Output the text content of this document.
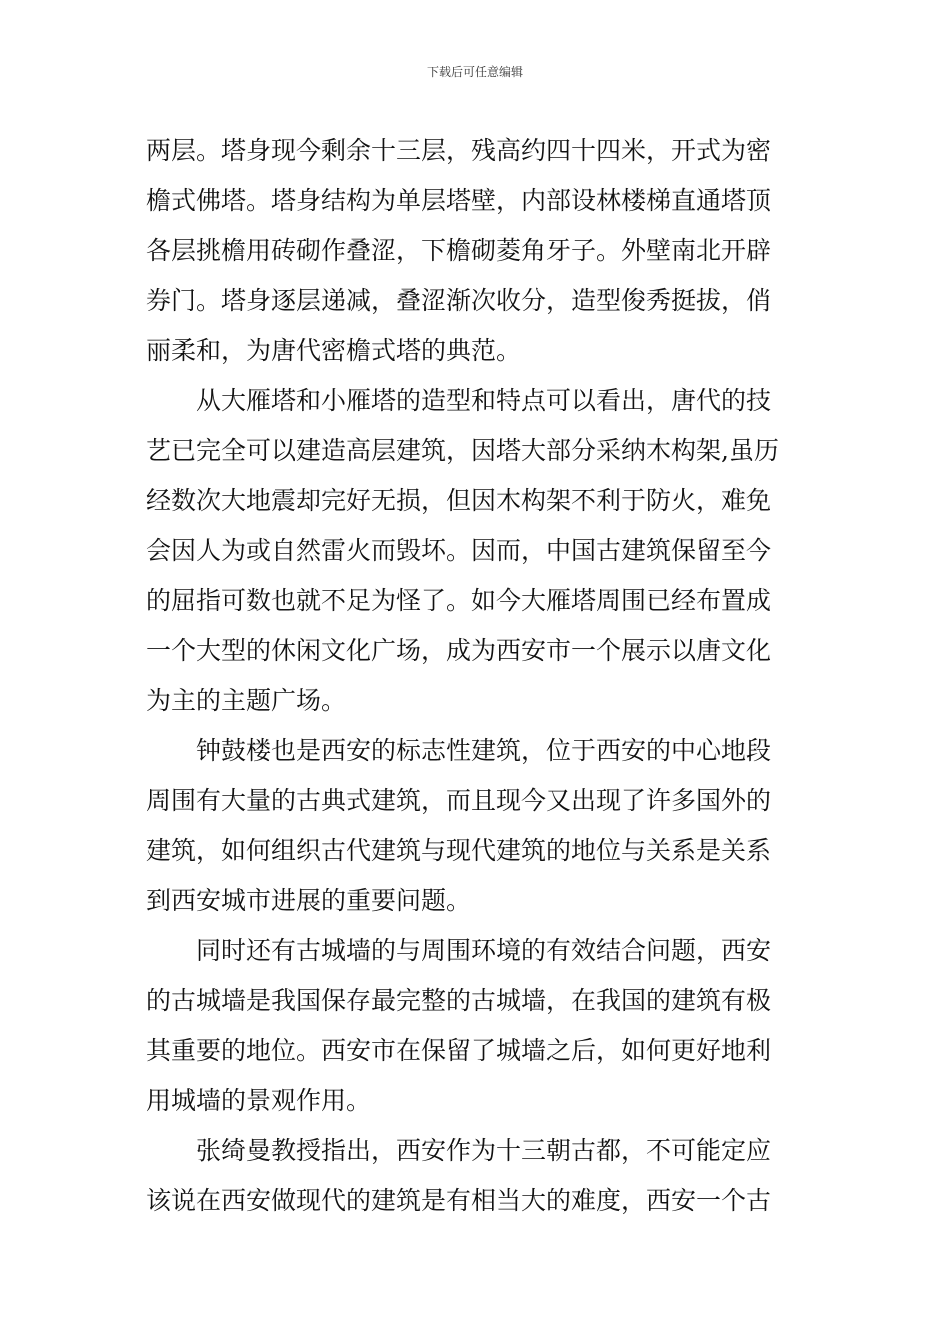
下载后可任意编辑
两层。塔身现今剩余十三层，残高约四十四米，开式为密
檐式佛塔。塔身结构为单层塔壁，内部设林楼梯直通塔顶
各层挑檐用砖砌作叠涩，下檐砌菱角牙子。外壁南北开辟
券门。塔身逐层递减，叠涩渐次收分，造型俊秀挺拔，俏
丽柔和，为唐代密檐式塔的典范。
从大雁塔和小雁塔的造型和特点可以看出，唐代的技
艺已完全可以建造高层建筑，因塔大部分采纳木构架,虽历
经数次大地震却完好无损，但因木构架不利于防火，难免
会因人为或自然雷火而毁坏。因而，中国古建筑保留至今
的屈指可数也就不足为怪了。如今大雁塔周围已经布置成
一个大型的休闲文化广场，成为西安市一个展示以唐文化
为主的主题广场。
钟鼓楼也是西安的标志性建筑，位于西安的中心地段
周围有大量的古典式建筑，而且现今又出现了许多国外的
建筑，如何组织古代建筑与现代建筑的地位与关系是关系
到西安城市进展的重要问题。
同时还有古城墙的与周围环境的有效结合问题，西安
的古城墙是我国保存最完整的古城墙，在我国的建筑有极
其重要的地位。西安市在保留了城墙之后，如何更好地利
用城墙的景观作用。
张绮曼教授指出，西安作为十三朝古都，不可能定应
该说在西安做现代的建筑是有相当大的难度，西安一个古
